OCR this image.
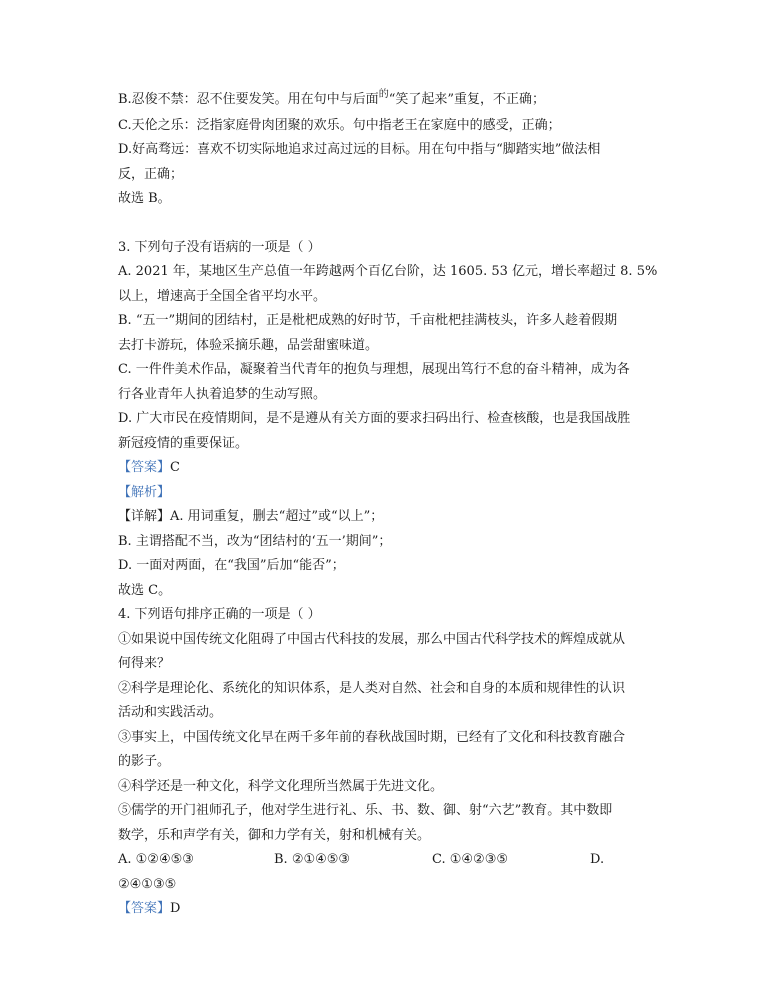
B.忍俊不禁：忍不住要发笑。用在句中与后面$^的$“笑了起来”重复，不正确；
C.天伦之乐：泛指家庭骨肉团聚的欢乐。句中指老王在家庭中的感受，正确；
D.好高骛远：喜欢不切实际地追求过高过远的目标。用在句中指与“脚踏实地”做法相
反，正确；
故选 B。
3. 下列句子没有语病的一项是（ ）
A. 2021 年，某地区生产总值一年跨越两个百亿台阶，达 1605. 53 亿元，增长率超过 8. 5%
以上，增速高于全国全省平均水平。
B. “五一”期间的团结村，正是枇杷成熟的好时节，千亩枇杷挂满枝头，许多人趁着假期
去打卡游玩，体验采摘乐趣，品尝甜蜜味道。
C. 一件件美术作品，凝聚着当代青年的抱负与理想，展现出笃行不怠的奋斗精神，成为各
行各业青年人执着追梦的生动写照。
D. 广大市民在疫情期间，是不是遵从有关方面的要求扫码出行、检查核酸，也是我国战胜
新冠疫情的重要保证。
【答案】C
【解析】
【详解】A. 用词重复，删去“超过”或“以上”；
B. 主谓搭配不当，改为“团结村的‘五一’期间”；
D. 一面对两面，在“我国”后加“能否”；
故选 C。
4. 下列语句排序正确的一项是（ ）
①如果说中国传统文化阻碍了中国古代科技的发展，那么中国古代科学技术的辉煌成就从
何得来？
②科学是理论化、系统化的知识体系，是人类对自然、社会和自身的本质和规律性的认识
活动和实践活动。
③事实上，中国传统文化早在两千多年前的春秋战国时期，已经有了文化和科技教育融合
的影子。
④科学还是一种文化，科学文化理所当然属于先进文化。
⑤儒学的开门祖师孔子，他对学生进行礼、乐、书、数、御、射“六艺”教育。其中数即
数学，乐和声学有关，御和力学有关，射和机械有关。
A. ①②④⑤③	B. ②①④⑤③	C. ①④②③⑤	D.
②④①③⑤
【答案】D
